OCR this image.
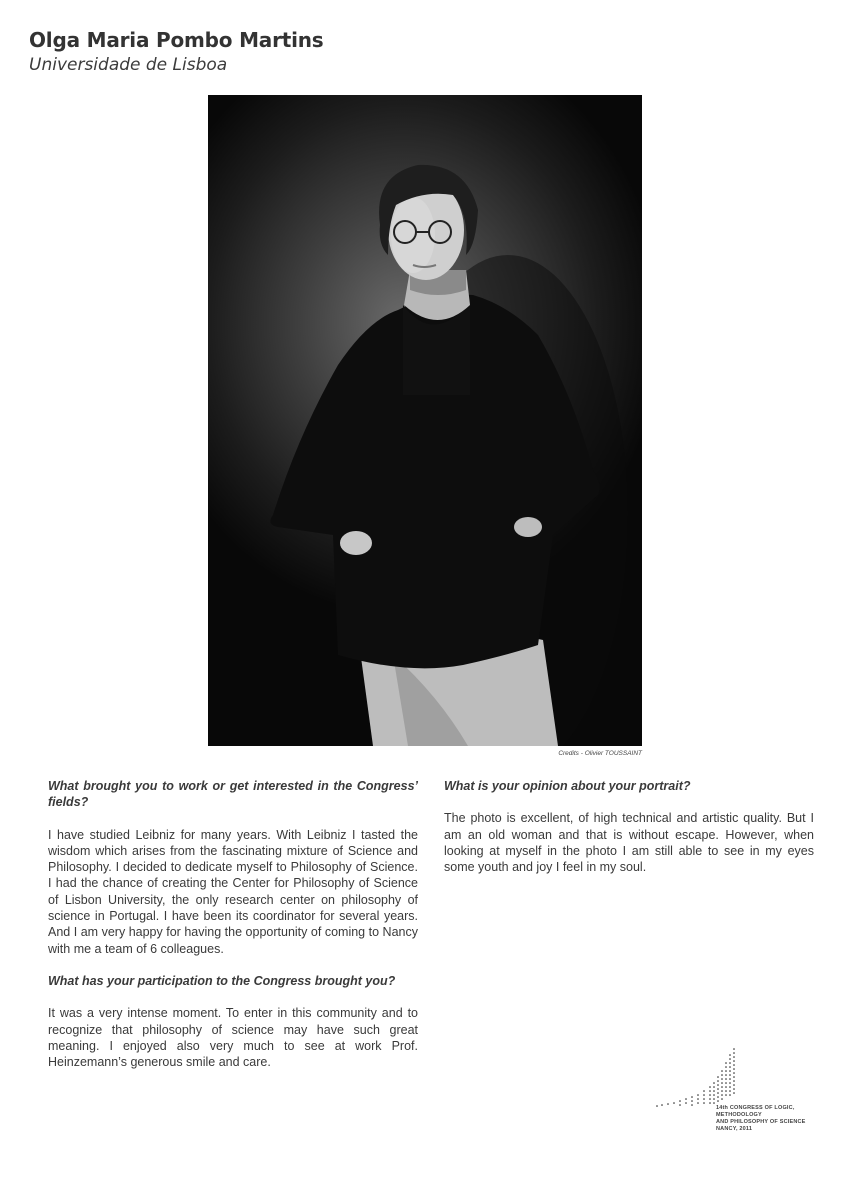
Olga Maria Pombo Martins
Universidade de Lisboa
Credits - Olivier TOUSSAINT

What brought you to work or get interested in the Congress’ fields?

I have studied Leibniz for many years. With Leibniz I tasted the wisdom which arises from the fascinating mixture of Science and Philosophy. I decided to dedicate myself to Philosophy of Science. I had the chance of creating the Center for Philosophy of Science of Lisbon University, the only research center on philosophy of science in Portugal. I have been its coordinator for several years. And I am very happy for having the opportunity of coming to Nancy with me a team of 6 colleagues.

What has your participation to the Congress brought you?

It was a very intense moment. To enter in this community and to recognize that philosophy of science may have such great meaning. I enjoyed also very much to see at work Prof. Heinzemann’s generous smile and care.

What is your opinion about your portrait?

The photo is excellent, of high technical and artistic quality. But I am an old woman and that is without escape. However, when looking at myself in the photo I am still able to see in my eyes some youth and joy I feel in my soul.

14th CONGRESS OF LOGIC,
METHODOLOGY
AND PHILOSOPHY OF SCIENCE
NANCY, 2011
